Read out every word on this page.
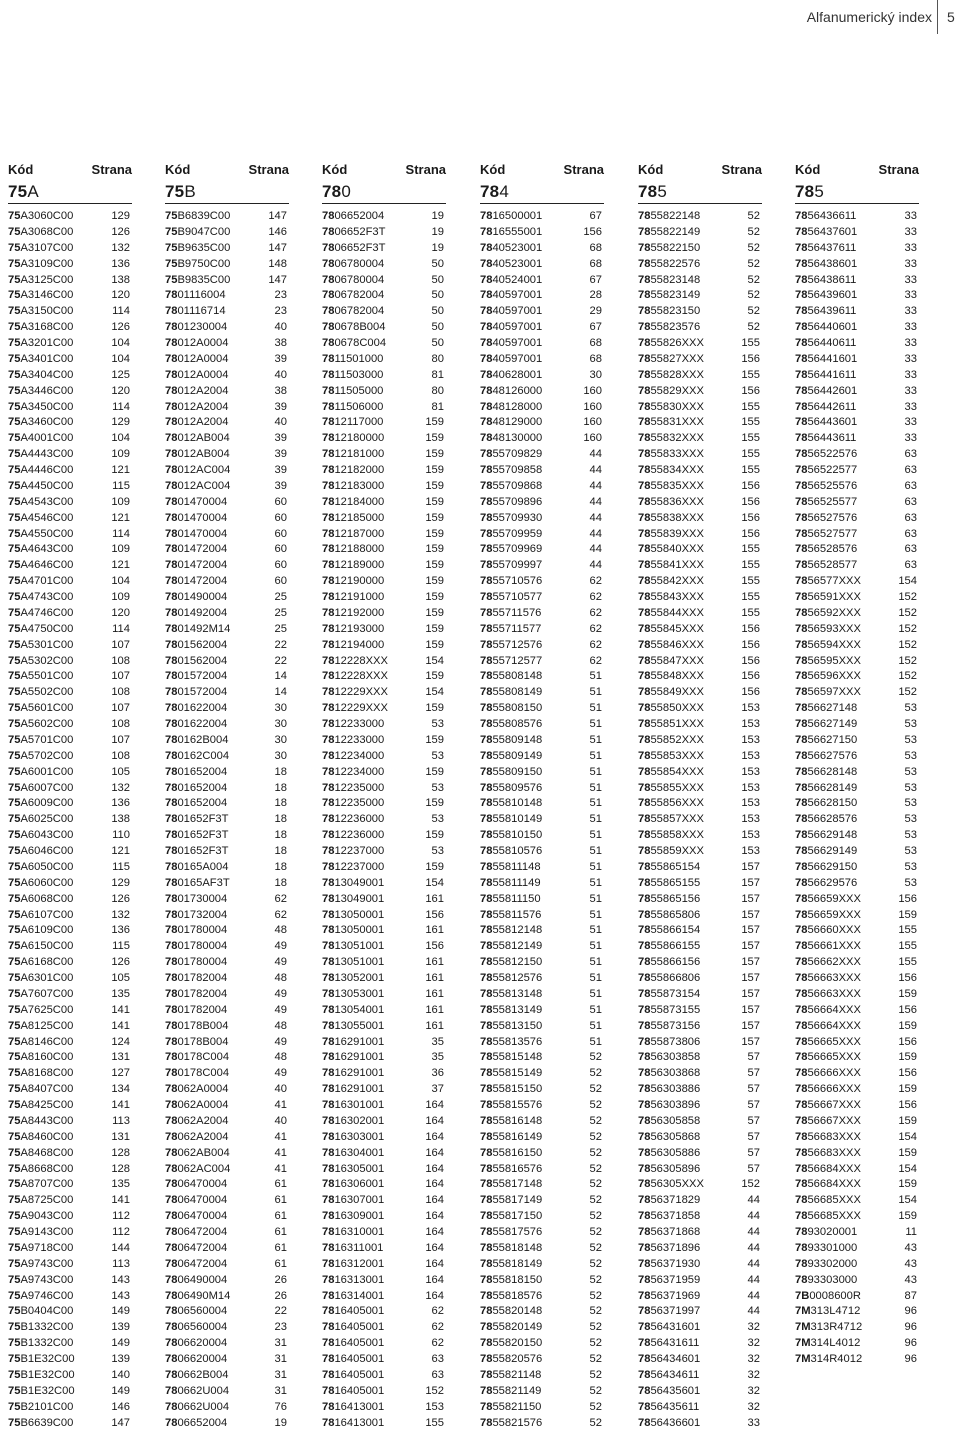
Alfanumerický index 5
Kód	Strana
75A
75A3060C00	129
75A3068C00	126
75A3107C00	132
75A3109C00	136
75A3125C00	138
75A3146C00	120
75A3150C00	114
75A3168C00	126
75A3201C00	104
75A3401C00	104
75A3404C00	125
75A3446C00	120
75A3450C00	114
75A3460C00	129
75A4001C00	104
75A4443C00	109
75A4446C00	121
75A4450C00	115
75A4543C00	109
75A4546C00	121
75A4550C00	114
75A4643C00	109
75A4646C00	121
75A4701C00	104
75A4743C00	109
75A4746C00	120
75A4750C00	114
75A5301C00	107
75A5302C00	108
75A5501C00	107
75A5502C00	108
75A5601C00	107
75A5602C00	108
75A5701C00	107
75A5702C00	108
75A6001C00	105
75A6007C00	132
75A6009C00	136
75A6025C00	138
75A6043C00	110
75A6046C00	121
75A6050C00	115
75A6060C00	129
75A6068C00	126
75A6107C00	132
75A6109C00	136
75A6150C00	115
75A6168C00	126
75A6301C00	105
75A7607C00	135
75A7625C00	141
75A8125C00	141
75A8146C00	124
75A8160C00	131
75A8168C00	127
75A8407C00	134
75A8425C00	141
75A8443C00	113
75A8460C00	131
75A8468C00	128
75A8668C00	128
75A8707C00	135
75A8725C00	141
75A9043C00	112
75A9143C00	112
75A9718C00	144
75A9743C00	113
75A9743C00	143
75A9746C00	143
75B0404C00	149
75B1332C00	139
75B1332C00	149
75B1E32C00	139
75B1E32C00	140
75B1E32C00	149
75B2101C00	146
75B6639C00	147
Kód	Strana
75B
75B6839C00	147
75B9047C00	146
75B9635C00	147
75B9750C00	148
75B9835C00	147
7801116004	23
7801116714	23
7801230004	40
78012A0004	38
78012A0004	39
78012A0004	40
78012A2004	38
78012A2004	39
78012A2004	40
78012AB004	39
78012AB004	39
78012AC004	39
78012AC004	39
7801470004	60
7801470004	60
7801470004	60
7801472004	60
7801472004	60
7801472004	60
7801490004	25
7801492004	25
7801492M14	25
7801562004	22
7801562004	22
7801572004	14
7801572004	14
7801622004	30
7801622004	30
780162B004	30
780162C004	30
7801652004	18
7801652004	18
7801652004	18
7801652F3T	18
7801652F3T	18
7801652F3T	18
780165A004	18
780165AF3T	18
7801730004	62
7801732004	62
7801780004	48
7801780004	49
7801780004	49
7801782004	48
7801782004	49
7801782004	49
780178B004	48
780178B004	49
780178C004	48
780178C004	49
78062A0004	40
78062A0004	41
78062A2004	40
78062A2004	41
78062AB004	41
78062AC004	41
7806470004	61
7806470004	61
7806470004	61
7806472004	61
7806472004	61
7806472004	61
7806490004	26
7806490M14	26
7806560004	22
7806560004	23
7806620004	31
7806620004	31
780662B004	31
780662U004	31
780662U004	76
7806652004	19
Kód	Strana
780
7806652004	19
7806652F3T	19
7806652F3T	19
7806780004	50
7806780004	50
7806782004	50
7806782004	50
780678B004	50
780678C004	50
7811501000	80
7811503000	81
7811505000	80
7811506000	81
7812117000	159
7812180000	159
7812181000	159
7812182000	159
7812183000	159
7812184000	159
7812185000	159
7812187000	159
7812188000	159
7812189000	159
7812190000	159
7812191000	159
7812192000	159
7812193000	159
7812194000	159
7812228XXX	154
7812228XXX	159
7812229XXX	154
7812229XXX	159
7812233000	53
7812233000	159
7812234000	53
7812234000	159
7812235000	53
7812235000	159
7812236000	53
7812236000	159
7812237000	53
7812237000	159
7813049001	154
7813049001	161
7813050001	156
7813050001	161
7813051001	156
7813051001	161
7813052001	161
7813053001	161
7813054001	161
7813055001	161
7816291001	35
7816291001	35
7816291001	36
7816291001	37
7816301001	164
7816302001	164
7816303001	164
7816304001	164
7816305001	164
7816306001	164
7816307001	164
7816309001	164
7816310001	164
7816311001	164
7816312001	164
7816313001	164
7816314001	164
7816405001	62
7816405001	62
7816405001	62
7816405001	63
7816405001	63
7816405001	152
7816413001	153
7816413001	155
Kód	Strana
784
7816500001	67
7816555001	156
7840523001	68
7840523001	68
7840524001	67
7840597001	28
7840597001	29
7840597001	67
7840597001	68
7840597001	68
7840628001	30
7848126000	160
7848128000	160
7848129000	160
7848130000	160
7855709829	44
7855709858	44
7855709868	44
7855709896	44
7855709930	44
7855709959	44
7855709969	44
7855709997	44
7855710576	62
7855710577	62
7855711576	62
7855711577	62
7855712576	62
7855712577	62
7855808148	51
7855808149	51
7855808150	51
7855808576	51
7855809148	51
7855809149	51
7855809150	51
7855809576	51
7855810148	51
7855810149	51
7855810150	51
7855810576	51
7855811148	51
7855811149	51
7855811150	51
7855811576	51
7855812148	51
7855812149	51
7855812150	51
7855812576	51
7855813148	51
7855813149	51
7855813150	51
7855813576	51
7855815148	52
7855815149	52
7855815150	52
7855815576	52
7855816148	52
7855816149	52
7855816150	52
7855816576	52
7855817148	52
7855817149	52
7855817150	52
7855817576	52
7855818148	52
7855818149	52
7855818150	52
7855818576	52
7855820148	52
7855820149	52
7855820150	52
7855820576	52
7855821148	52
7855821149	52
7855821150	52
7855821576	52
Kód	Strana
785
7855822148	52
7855822149	52
7855822150	52
7855822576	52
7855823148	52
7855823149	52
7855823150	52
7855823576	52
7855826XXX	155
7855827XXX	156
7855828XXX	155
7855829XXX	156
7855830XXX	155
7855831XXX	155
7855832XXX	155
7855833XXX	155
7855834XXX	155
7855835XXX	156
7855836XXX	156
7855838XXX	156
7855839XXX	156
7855840XXX	155
7855841XXX	155
7855842XXX	155
7855843XXX	155
7855844XXX	155
7855845XXX	156
7855846XXX	156
7855847XXX	156
7855848XXX	156
7855849XXX	156
7855850XXX	153
7855851XXX	153
7855852XXX	153
7855853XXX	153
7855854XXX	153
7855855XXX	153
7855856XXX	153
7855857XXX	153
7855858XXX	153
7855859XXX	153
7855865154	157
7855865155	157
7855865156	157
7855865806	157
7855866154	157
7855866155	157
7855866156	157
7855866806	157
7855873154	157
7855873155	157
7855873156	157
7855873806	157
7856303858	57
7856303868	57
7856303886	57
7856303896	57
7856305858	57
7856305868	57
7856305886	57
7856305896	57
7856305XXX	152
7856371829	44
7856371858	44
7856371868	44
7856371896	44
7856371930	44
7856371959	44
7856371969	44
7856371997	44
7856431601	32
7856431611	32
7856434601	32
7856434611	32
7856435601	32
7856435611	32
7856436601	33
Kód	Strana
785
7856436611	33
7856437601	33
7856437611	33
7856438601	33
7856438611	33
7856439601	33
7856439611	33
7856440601	33
7856440611	33
7856441601	33
7856441611	33
7856442601	33
7856442611	33
7856443601	33
7856443611	33
7856522576	63
7856522577	63
7856525576	63
7856525577	63
7856527576	63
7856527577	63
7856528576	63
7856528577	63
7856577XXX	154
7856591XXX	152
7856592XXX	152
7856593XXX	152
7856594XXX	152
7856595XXX	152
7856596XXX	152
7856597XXX	152
7856627148	53
7856627149	53
7856627150	53
7856627576	53
7856628148	53
7856628149	53
7856628150	53
7856628576	53
7856629148	53
7856629149	53
7856629150	53
7856629576	53
7856659XXX	156
7856659XXX	159
7856660XXX	155
7856661XXX	155
7856662XXX	155
7856663XXX	156
7856663XXX	159
7856664XXX	156
7856664XXX	159
7856665XXX	156
7856665XXX	159
7856666XXX	156
7856666XXX	159
7856667XXX	156
7856667XXX	159
7856683XXX	154
7856683XXX	159
7856684XXX	154
7856684XXX	159
7856685XXX	154
7856685XXX	159
7893020001	11
7893301000	43
7893302000	43
7893303000	43
7B0008600R	87
7M313L4712	96
7M313R4712	96
7M314L4012	96
7M314R4012	96
